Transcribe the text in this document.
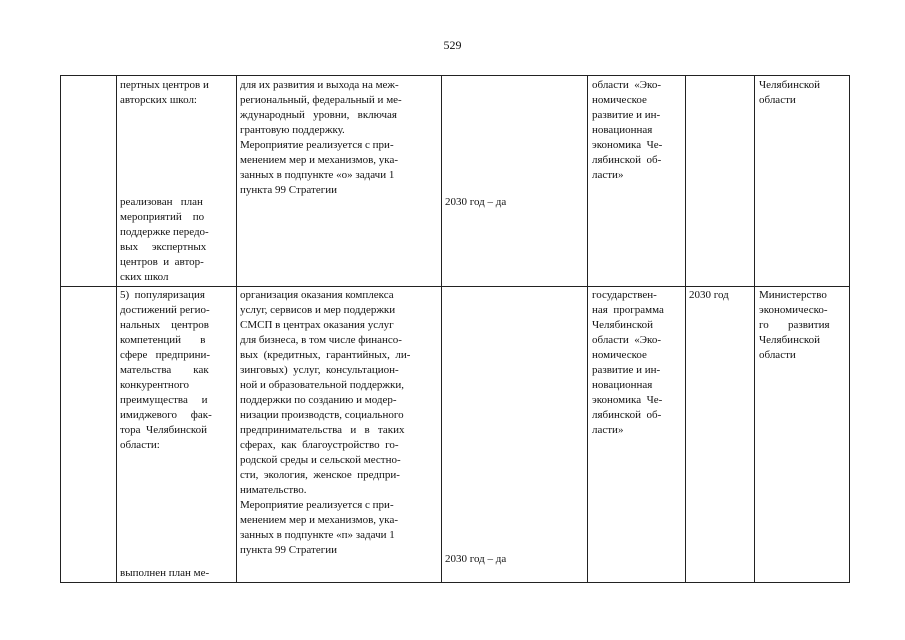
529
пертных центров и
авторских школ:
реализован   план
мероприятий    по
поддержке передо-
вых     экспертных
центров  и  автор-
ских школ
для их развития и выхода на меж-
региональный, федеральный и ме-
ждународный   уровни,   включая
грантовую поддержку.
Мероприятие реализуется с при-
менением мер и механизмов, ука-
занных в подпункте «о» задачи 1
пункта 99 Стратегии
2030 год – да
области  «Эко-
номическое
развитие и ин-
новационная
экономика  Че-
лябинской  об-
ласти»
Челябинской
области
5)  популяризация
достижений регио-
нальных    центров
компетенций       в
сфере   предприни-
мательства        как
конкурентного
преимущества     и
имиджевого     фак-
тора  Челябинской
области:
выполнен план ме-
организация оказания комплекса
услуг, сервисов и мер поддержки
СМСП в центрах оказания услуг
для бизнеса, в том числе финансо-
вых  (кредитных,  гарантийных,  ли-
зинговых)  услуг,  консультацион-
ной и образовательной поддержки,
поддержки по созданию и модер-
низации производств, социального
предпринимательства   и   в   таких
сферах,  как  благоустройство  го-
родской среды и сельской местно-
сти,  экология,  женское  предпри-
нимательство.
Мероприятие реализуется с при-
менением мер и механизмов, ука-
занных в подпункте «п» задачи 1
пункта 99 Стратегии
2030 год – да
государствен-
ная  программа
Челябинской
области  «Эко-
номическое
развитие и ин-
новационная
экономика  Че-
лябинской  об-
ласти»
2030 год	Министерство
экономическо-
го       развития
Челябинской
области
